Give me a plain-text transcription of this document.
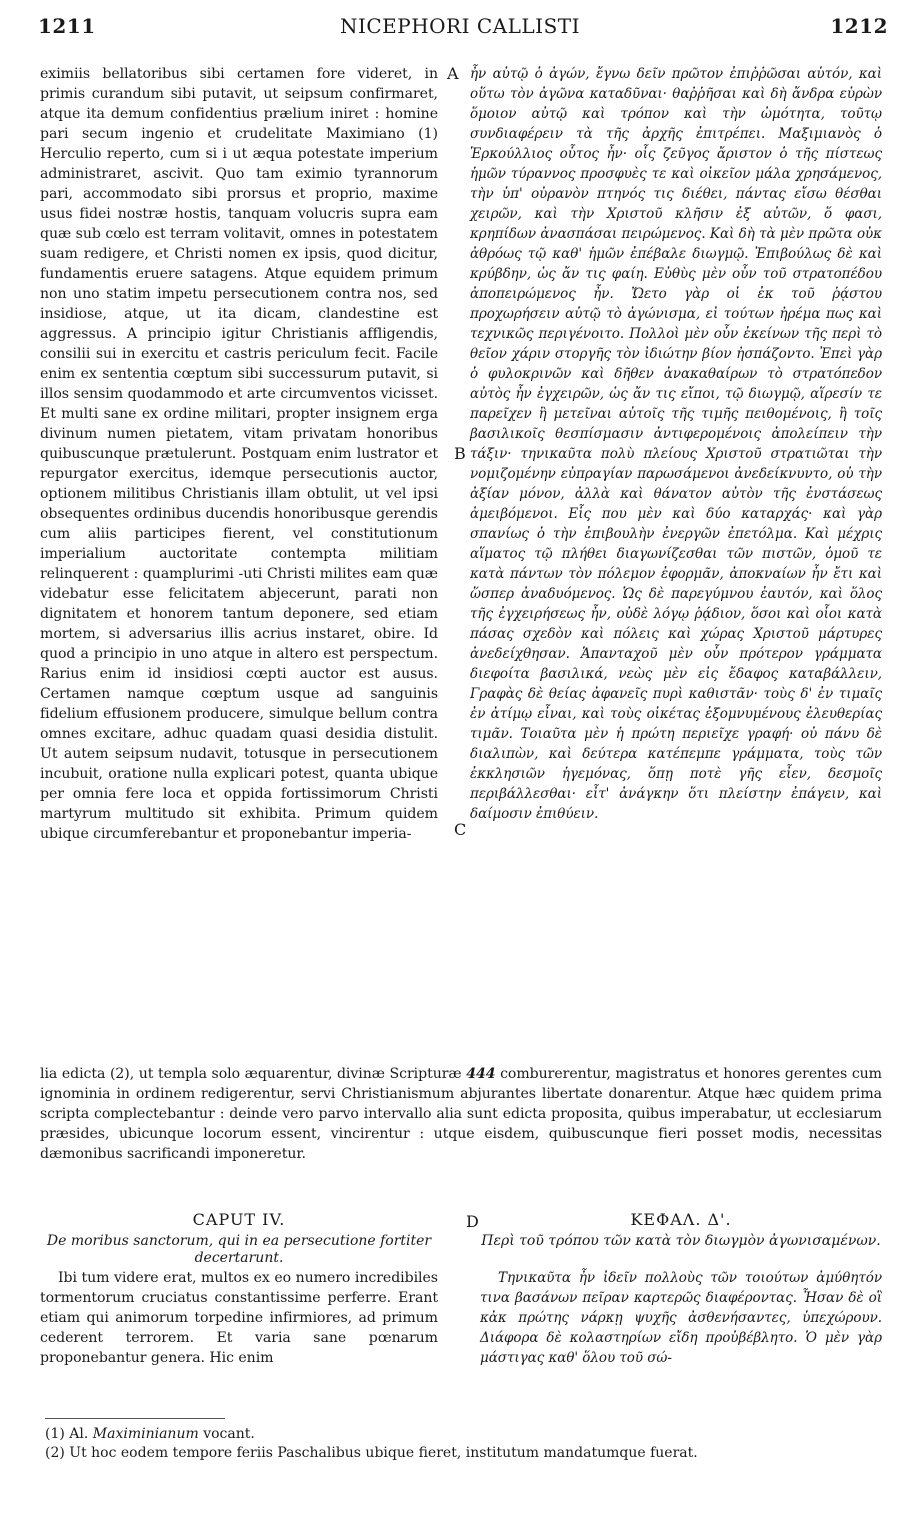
1211	NICEPHORI CALLISTI	1212

eximiis bellatoribus sibi certamen fore videret, in primis curandum sibi putavit, ut seipsum confirmaret, atque ita demum confidentius prælium iniret : homine pari secum ingenio et crudelitate Maximiano (1) Herculio reperto, cum si i ut æqua potestate imperium administraret, ascivit. Quo tam eximio tyrannorum pari, accommodato sibi prorsus et proprio, maxime usus fidei nostræ hostis, tanquam volucris supra eam quæ sub cœlo est terram volitavit, omnes in potestatem suam redigere, et Christi nomen ex ipsis, quod dicitur, fundamentis eruere satagens. Atque equidem primum non uno statim impetu persecutionem contra nos, sed insidiose, atque, ut ita dicam, clandestine est aggressus. A principio igitur Christianis affligendis, consilii sui in exercitu et castris periculum fecit. Facile enim ex sententia cœptum sibi successurum putavit, si illos sensim quodammodo et arte circumventos vicisset. Et multi sane ex ordine militari, propter insignem erga divinum numen pietatem, vitam privatam honoribus quibuscunque prætulerunt. Postquam enim lustrator et repurgator exercitus, idemque persecutionis auctor, optionem militibus Christianis illam obtulit, ut vel ipsi obsequentes ordinibus ducendis honoribusque gerendis cum aliis participes fierent, vel constitutionum imperialium auctoritate contempta militiam relinquerent : quamplurimi -uti Christi milites eam quæ videbatur esse felicitatem abjecerunt, parati non dignitatem et honorem tantum deponere, sed etiam mortem, si adversarius illis acrius instaret, obire. Id quod a principio in uno atque in altero est perspectum. Rarius enim id insidiosi cœpti auctor est ausus. Certamen namque cœptum usque ad sanguinis fidelium effusionem producere, simulque bellum contra omnes excitare, adhuc quadam quasi desidia distulit. Ut autem seipsum nudavit, totusque in persecutionem incubuit, oratione nulla explicari potest, quanta ubique per omnia fere loca et oppida fortissimorum Christi martyrum multitudo sit exhibita. Primum quidem ubique circumferebantur et proponebantur imperia-

A
B
C
D

ἦν αὐτῷ ὁ ἀγών, ἔγνω δεῖν πρῶτον ἐπιῤῥῶσαι αὑτόν, καὶ οὕτω τὸν ἀγῶνα καταδῦναι· θαῤῥῆσαι καὶ δὴ ἄνδρα εὑρὼν ὅμοιον αὐτῷ καὶ τρόπον καὶ τὴν ὠμότητα, τοῦτῳ συνδιαφέρειν τὰ τῆς ἀρχῆς ἐπιτρέπει. Μαξιμιανὸς ὁ Ἑρκούλλιος οὗτος ἦν· οἷς ζεῦγος ἄριστον ὁ τῆς πίστεως ἡμῶν τύραννος προσφυὲς τε καὶ οἰκεῖον μάλα χρησάμενος, τὴν ὑπ' οὐρανὸν πτηνός τις διέθει, πάντας εἴσω θέσθαι χειρῶν, καὶ τὴν Χριστοῦ κλῆσιν ἐξ αὐτῶν, ὅ φασι, κρηπίδων ἀνασπάσαι πειρώμενος. Καὶ δὴ τὰ μὲν πρῶτα οὐκ ἀθρόως τῷ καθ' ἡμῶν ἐπέβαλε διωγμῷ. Ἐπιβούλως δὲ καὶ κρύβδην, ὡς ἄν τις φαίη. Εὐθὺς μὲν οὖν τοῦ στρατοπέδου ἀποπειρώμενος ἦν. Ὤετο γὰρ οἱ ἐκ τοῦ ῥᾴστου προχωρήσειν αὐτῷ τὸ ἀγώνισμα, εἰ τούτων ἠρέμα πως καὶ τεχνικῶς περιγένοιτο. Πολλοὶ μὲν οὖν ἐκείνων τῆς περὶ τὸ θεῖον χάριν στοργῆς τὸν ἰδιώτην βίον ἠσπάζοντο. Ἐπεὶ γὰρ ὁ φυλοκρινῶν καὶ δῆθεν ἀνακαθαίρων τὸ στρατόπεδον αὐτὸς ἦν ἐγχειρῶν, ὡς ἄν τις εἴποι, τῷ διωγμῷ, αἵρεσίν τε παρεῖχεν ἢ μετεῖναι αὐτοῖς τῆς τιμῆς πειθομένοις, ἢ τοῖς βασιλικοῖς θεσπίσμασιν ἀντιφερομένοις ἀπολείπειν τὴν τάξιν· τηνικαῦτα πολὺ πλείους Χριστοῦ στρατιῶται τὴν νομιζομένην εὐπραγίαν παρωσάμενοι ἀνεδείκνυντο, οὐ τὴν ἀξίαν μόνον, ἀλλὰ καὶ θάνατον αὐτὸν τῆς ἐνστάσεως ἀμειβόμενοι. Εἷς που μὲν καὶ δύο καταρχάς· καὶ γὰρ σπανίως ὁ τὴν ἐπιβουλὴν ἐνεργῶν ἐπετόλμα. Καὶ μέχρις αἵματος τῷ πλήθει διαγωνίζεσθαι τῶν πιστῶν, ὁμοῦ τε κατὰ πάντων τὸν πόλεμον ἐφορμᾶν, ἀποκναίων ἦν ἔτι καὶ ὥσπερ ἀναδυόμενος. Ὡς δὲ παρεγύμνου ἑαυτόν, καὶ ὅλος τῆς ἐγχειρήσεως ἦν, οὐδὲ λόγῳ ῥᾴδιον, ὅσοι καὶ οἷοι κατὰ πάσας σχεδὸν καὶ πόλεις καὶ χώρας Χριστοῦ μάρτυρες ἀνεδείχθησαν. Ἁπανταχοῦ μὲν οὖν πρότερον γράμματα διεφοίτα βασιλικά, νεὼς μὲν εἰς ἔδαφος καταβάλλειν, Γραφὰς δὲ θείας ἀφανεῖς πυρὶ καθιστᾶν· τοὺς δ' ἐν τιμαῖς ἐν ἀτίμῳ εἶναι, καὶ τοὺς οἰκέτας ἐξομνυμένους ἐλευθερίας τιμᾶν. Τοιαῦτα μὲν ἡ πρώτη περιεῖχε γραφή· οὐ πάνυ δὲ διαλιπὼν, καὶ δεύτερα κατέπεμπε γράμματα, τοὺς τῶν ἐκκλησιῶν ἡγεμόνας, ὅπῃ ποτὲ γῆς εἶεν, δεσμοῖς περιβάλλεσθαι· εἶτ' ἀνάγκην ὅτι πλείστην ἐπάγειν, καὶ δαίμοσιν ἐπιθύειν.

lia edicta (2), ut templa solo æquarentur, divinæ Scripturæ 444 comburerentur, magistratus et honores gerentes cum ignominia in ordinem redigerentur, servi Christianismum abjurantes libertate donarentur. Atque hæc quidem prima scripta complectebantur : deinde vero parvo intervallo alia sunt edicta proposita, quibus imperabatur, ut ecclesiarum præsides, ubicunque locorum essent, vincirentur : utque eisdem, quibuscunque fieri posset modis, necessitas dæmonibus sacrificandi imponeretur.

CAPUT IV.
De moribus sanctorum, qui in ea persecutione fortiter decertarunt.

Ibi tum videre erat, multos ex eo numero incredibiles tormentorum cruciatus constantissime perferre. Erant etiam qui animorum torpedine infirmiores, ad primum cederent terrorem. Et varia sane pœnarum proponebantur genera. Hic enim

ΚΕΦΑΛ. Δ'.
Περὶ τοῦ τρόπου τῶν κατὰ τὸν διωγμὸν ἀγωνισαμένων.

Τηνικαῦτα ἦν ἰδεῖν πολλοὺς τῶν τοιούτων ἀμύθητόν τινα βασάνων πεῖραν καρτερῶς διαφέροντας. Ἦσαν δὲ οἳ κἀκ πρώτης νάρκῃ ψυχῆς ἀσθενήσαντες, ὑπεχώρουν. Διάφορα δὲ κολαστηρίων εἴδη προὐβέβλητο. Ὁ μὲν γὰρ μάστιγας καθ' ὅλου τοῦ σώ-

(1) Al. Maximinianum vocant.

(2) Ut hoc eodem tempore feriis Paschalibus ubique fieret, institutum mandatumque fuerat.
